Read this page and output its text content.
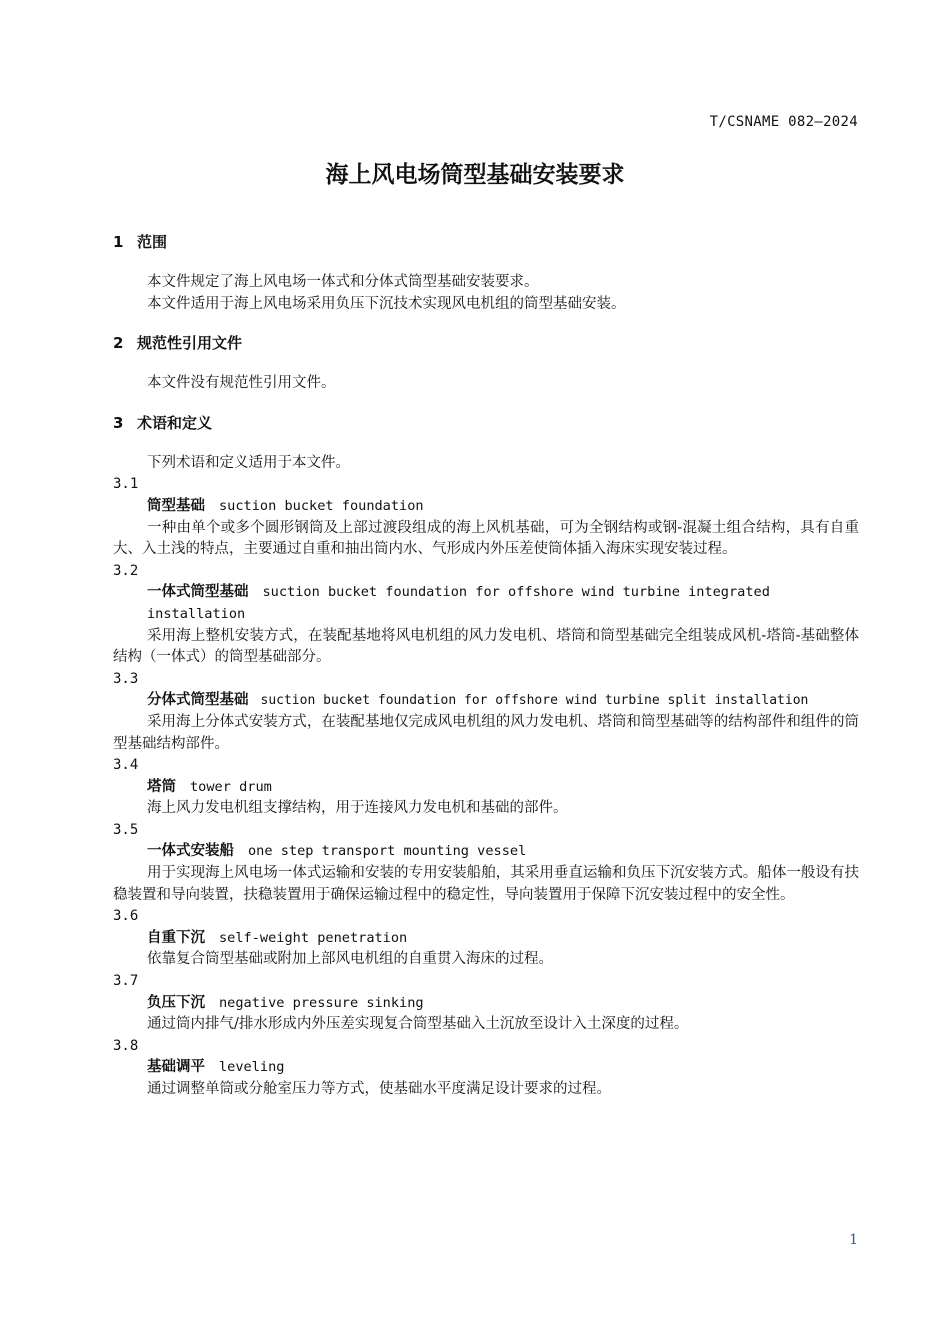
T/CSNAME 082—2024
海上风电场筒型基础安装要求
1 范围

本文件规定了海上风电场一体式和分体式筒型基础安装要求。

本文件适用于海上风电场采用负压下沉技术实现风电机组的筒型基础安装。

2 规范性引用文件

本文件没有规范性引用文件。

3 术语和定义

下列术语和定义适用于本文件。

3.1
筒型基础 suction bucket foundation

一种由单个或多个圆形钢筒及上部过渡段组成的海上风机基础，可为全钢结构或钢-混凝土组合结构，具有自重大、入土浅的特点，主要通过自重和抽出筒内水、气形成内外压差使筒体插入海床实现安装过程。

3.2
一体式筒型基础 suction bucket foundation for offshore wind turbine integrated installation

采用海上整机安装方式，在装配基地将风电机组的风力发电机、塔筒和筒型基础完全组装成风机-塔筒-基础整体结构（一体式）的筒型基础部分。

3.3
分体式筒型基础 suction bucket foundation for offshore wind turbine split installation

采用海上分体式安装方式，在装配基地仅完成风电机组的风力发电机、塔筒和筒型基础等的结构部件和组件的筒型基础结构部件。

3.4
塔筒 tower drum

海上风力发电机组支撑结构，用于连接风力发电机和基础的部件。

3.5
一体式安装船 one step transport mounting vessel

用于实现海上风电场一体式运输和安装的专用安装船舶，其采用垂直运输和负压下沉安装方式。船体一般设有扶稳装置和导向装置，扶稳装置用于确保运输过程中的稳定性，导向装置用于保障下沉安装过程中的安全性。

3.6
自重下沉 self-weight penetration

依靠复合筒型基础或附加上部风电机组的自重贯入海床的过程。

3.7
负压下沉 negative pressure sinking

通过筒内排气/排水形成内外压差实现复合筒型基础入土沉放至设计入土深度的过程。

3.8
基础调平 leveling

通过调整单筒或分舱室压力等方式，使基础水平度满足设计要求的过程。

1
